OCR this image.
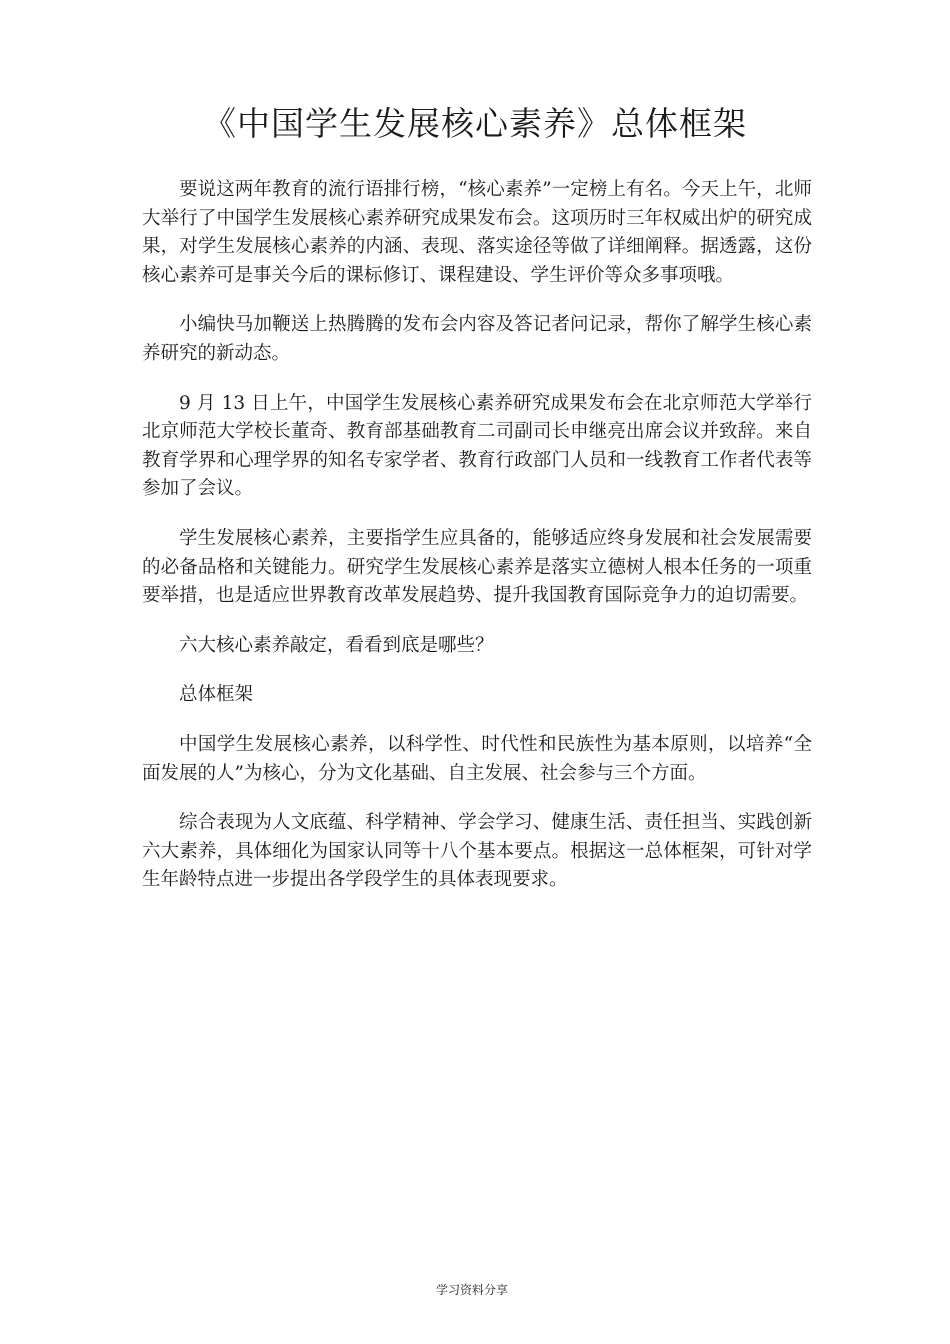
《中国学生发展核心素养》总体框架

要说这两年教育的流行语排行榜，“核心素养”一定榜上有名。今天上午，北师大举行了中国学生发展核心素养研究成果发布会。这项历时三年权威出炉的研究成果，对学生发展核心素养的内涵、表现、落实途径等做了详细阐释。据透露，这份核心素养可是事关今后的课标修订、课程建设、学生评价等众多事项哦。

小编快马加鞭送上热腾腾的发布会内容及答记者问记录，帮你了解学生核心素养研究的新动态。

9 月 13 日上午，中国学生发展核心素养研究成果发布会在北京师范大学举行北京师范大学校长董奇、教育部基础教育二司副司长申继亮出席会议并致辞。来自教育学界和心理学界的知名专家学者、教育行政部门人员和一线教育工作者代表等参加了会议。

学生发展核心素养，主要指学生应具备的，能够适应终身发展和社会发展需要的必备品格和关键能力。研究学生发展核心素养是落实立德树人根本任务的一项重要举措，也是适应世界教育改革发展趋势、提升我国教育国际竞争力的迫切需要。

六大核心素养敲定，看看到底是哪些？

总体框架

中国学生发展核心素养，以科学性、时代性和民族性为基本原则，以培养“全面发展的人”为核心，分为文化基础、自主发展、社会参与三个方面。

综合表现为人文底蕴、科学精神、学会学习、健康生活、责任担当、实践创新六大素养，具体细化为国家认同等十八个基本要点。根据这一总体框架，可针对学生年龄特点进一步提出各学段学生的具体表现要求。

学习资料分享
